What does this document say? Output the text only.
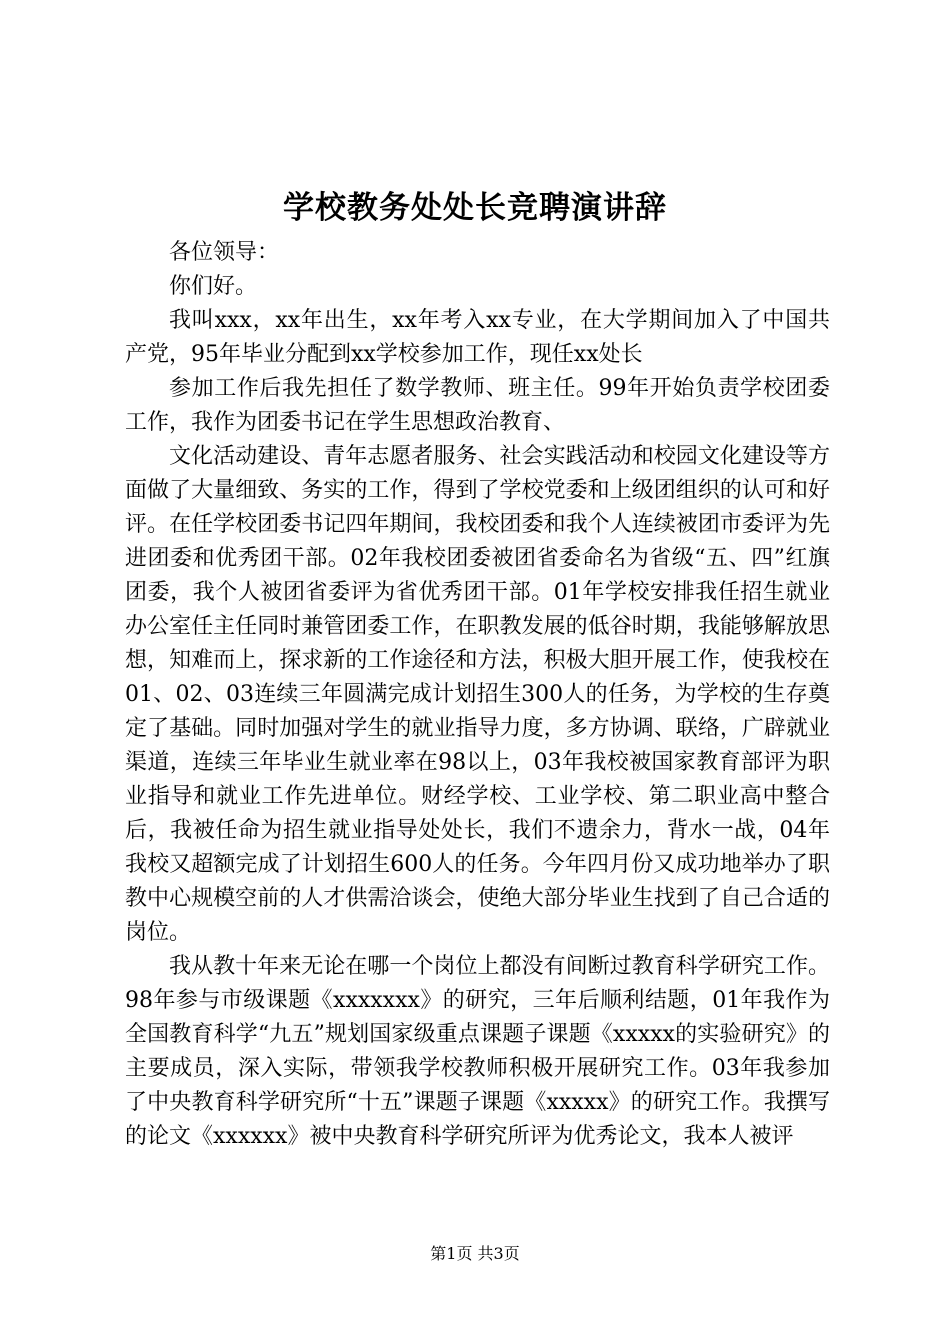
学校教务处处长竞聘演讲辞

各位领导：

你们好。

我叫xxx，xx年出生，xx年考入xx专业，在大学期间加入了中国共产党，95年毕业分配到xx学校参加工作，现任xx处长

参加工作后我先担任了数学教师、班主任。99年开始负责学校团委工作，我作为团委书记在学生思想政治教育、

文化活动建设、青年志愿者服务、社会实践活动和校园文化建设等方面做了大量细致、务实的工作，得到了学校党委和上级团组织的认可和好评。在任学校团委书记四年期间，我校团委和我个人连续被团市委评为先进团委和优秀团干部。02年我校团委被团省委命名为省级“五、四”红旗团委，我个人被团省委评为省优秀团干部。01年学校安排我任招生就业办公室任主任同时兼管团委工作，在职教发展的低谷时期，我能够解放思想，知难而上，探求新的工作途径和方法，积极大胆开展工作，使我校在01、02、03连续三年圆满完成计划招生300人的任务，为学校的生存奠定了基础。同时加强对学生的就业指导力度，多方协调、联络，广辟就业渠道，连续三年毕业生就业率在98以上，03年我校被国家教育部评为职业指导和就业工作先进单位。财经学校、工业学校、第二职业高中整合后，我被任命为招生就业指导处处长，我们不遗余力，背水一战，04年我校又超额完成了计划招生600人的任务。今年四月份又成功地举办了职教中心规模空前的人才供需洽谈会，使绝大部分毕业生找到了自己合适的岗位。

我从教十年来无论在哪一个岗位上都没有间断过教育科学研究工作。98年参与市级课题《xxxxxxx》的研究，三年后顺利结题，01年我作为全国教育科学“九五”规划国家级重点课题子课题《xxxxx的实验研究》的主要成员，深入实际，带领我学校教师积极开展研究工作。03年我参加了中央教育科学研究所“十五”课题子课题《xxxxx》的研究工作。我撰写的论文《xxxxxx》被中央教育科学研究所评为优秀论文，我本人被评

第1页 共3页
